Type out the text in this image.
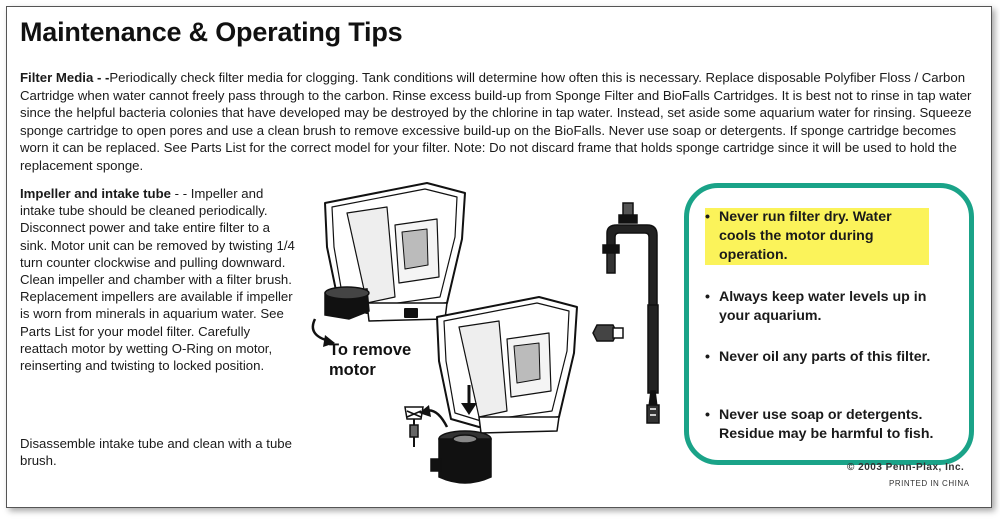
Maintenance & Operating Tips
Filter Media - -Periodically check filter media for clogging. Tank conditions will determine how often this is necessary. Replace disposable Polyfiber Floss / Carbon Cartridge when water cannot freely pass through to the carbon. Rinse excess build-up from Sponge Filter and BioFalls Cartridges. It is best not to rinse in tap water since the helpful bacteria colonies that have developed may be destroyed by the chlorine in tap water. Instead, set aside some aquarium water for rinsing. Squeeze sponge cartridge to open pores and use a clean brush to remove excessive build-up on the BioFalls. Never use soap or detergents. If sponge cartridge becomes worn it can be replaced. See Parts List for the correct model for your filter. Note: Do not discard frame that holds sponge cartridge since it will be used to hold the replacement sponge.
Impeller and intake tube - - Impeller and intake tube should be cleaned periodically. Disconnect power and take entire filter to a sink. Motor unit can be removed by twisting 1/4 turn counter clockwise and pulling downward. Clean impeller and chamber with a filter brush. Replacement impellers are available if impeller is worn from minerals in aquarium water. See Parts List for your model filter. Carefully reattach motor by wetting O-Ring on motor, reinserting and twisting to locked position.
Disassemble intake tube and clean with a tube brush.
To remove motor
• Never run filter dry. Water cools the motor during operation.
• Always keep water levels up in your aquarium.
• Never oil any parts of this filter.
• Never use soap or detergents. Residue may be harmful to fish.
© 2003 Penn-Plax, Inc.
PRINTED IN CHINA
